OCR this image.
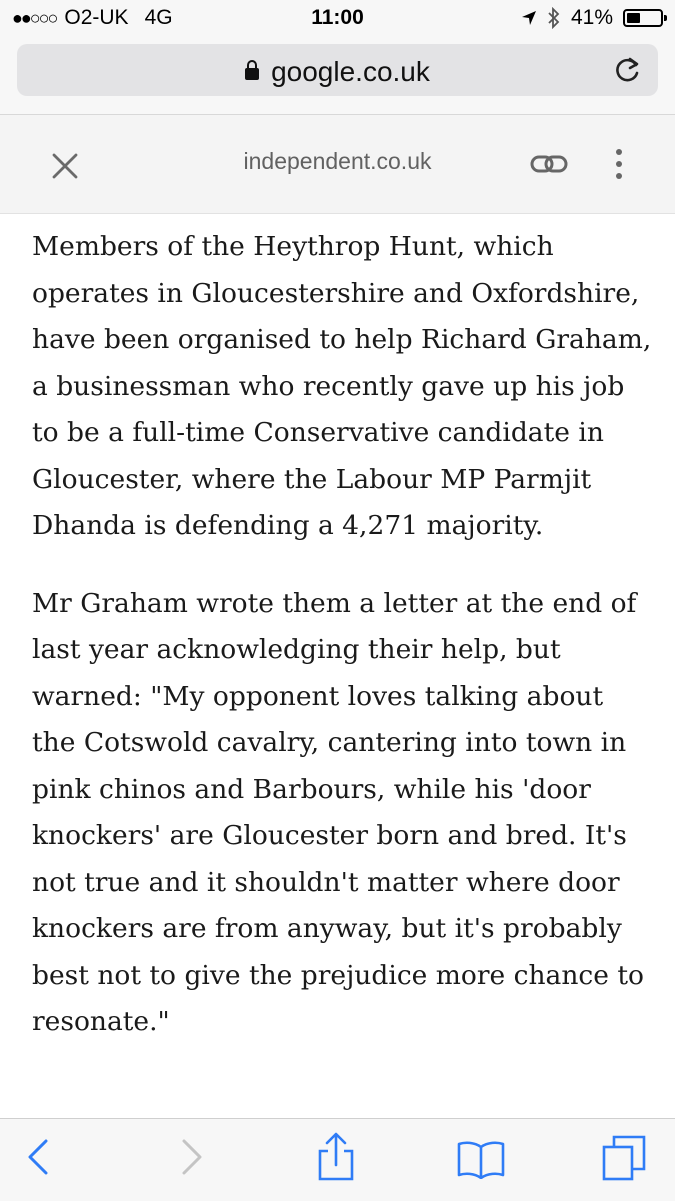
●●○○○ O2-UK 4G	11:00	41%
google.co.uk
independent.co.uk

Members of the Heythrop Hunt, which operates in Gloucestershire and Oxfordshire, have been organised to help Richard Graham, a businessman who recently gave up his job to be a full-time Conservative candidate in Gloucester, where the Labour MP Parmjit Dhanda is defending a 4,271 majority.

Mr Graham wrote them a letter at the end of last year acknowledging their help, but warned: "My opponent loves talking about the Cotswold cavalry, cantering into town in pink chinos and Barbours, while his 'door knockers' are Gloucester born and bred. It's not true and it shouldn't matter where door knockers are from anyway, but it's probably best not to give the prejudice more chance to resonate."
